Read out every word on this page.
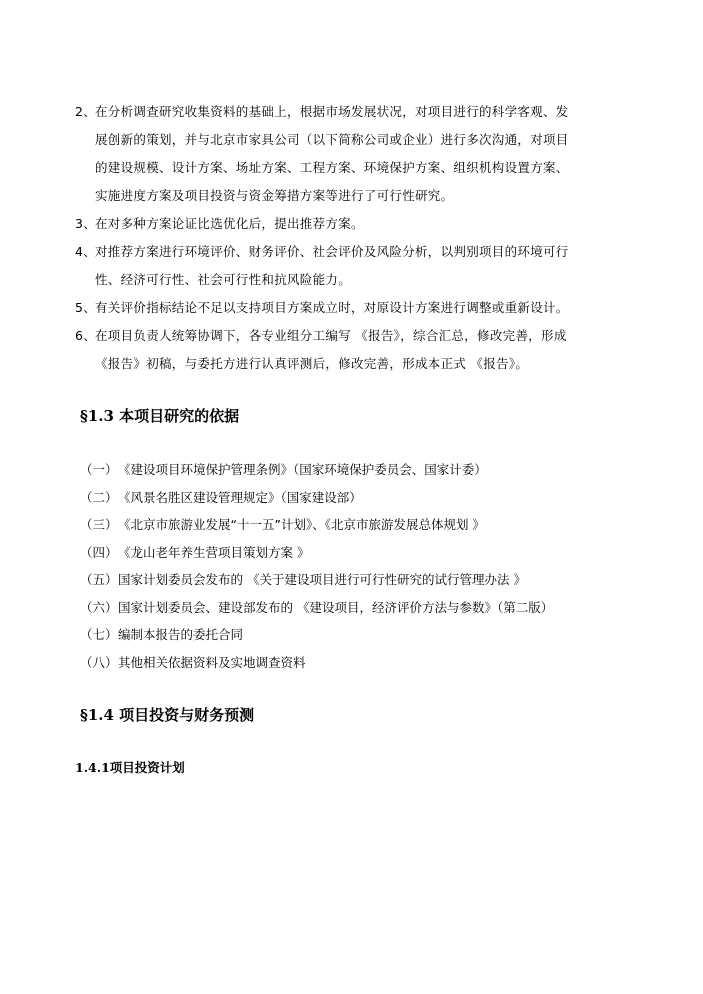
2、在分析调查研究收集资料的基础上，根据市场发展状况，对项目进行的科学客观、发
展创新的策划，并与北京市家具公司（以下简称公司或企业）进行多次沟通，对项目
的建设规模、设计方案、场址方案、工程方案、环境保护方案、组织机构设置方案、
实施进度方案及项目投资与资金筹措方案等进行了可行性研究。
3、在对多种方案论证比选优化后，提出推荐方案。
4、对推荐方案进行环境评价、财务评价、社会评价及风险分析，以判别项目的环境可行
性、经济可行性、社会可行性和抗风险能力。
5、有关评价指标结论不足以支持项目方案成立时，对原设计方案进行调整或重新设计。
6、在项目负责人统筹协调下，各专业组分工编写 《报告》，综合汇总，修改完善，形成
《报告》初稿，与委托方进行认真评测后，修改完善，形成本正式 《报告》。
§1.3 本项目研究的依据
（一）《建设项目环境保护管理条例》（国家环境保护委员会、国家计委）
（二）《风景名胜区建设管理规定》（国家建设部）
（三）《北京市旅游业发展“十一五”计划》、《北京市旅游发展总体规划 》
（四）《龙山老年养生营项目策划方案 》
（五）国家计划委员会发布的 《关于建设项目进行可行性研究的试行管理办法 》
（六）国家计划委员会、建设部发布的 《建设项目，经济评价方法与参数》（第二版）
（七）编制本报告的委托合同
（八）其他相关依据资料及实地调查资料
§1.4 项目投资与财务预测
1.4.1项目投资计划
